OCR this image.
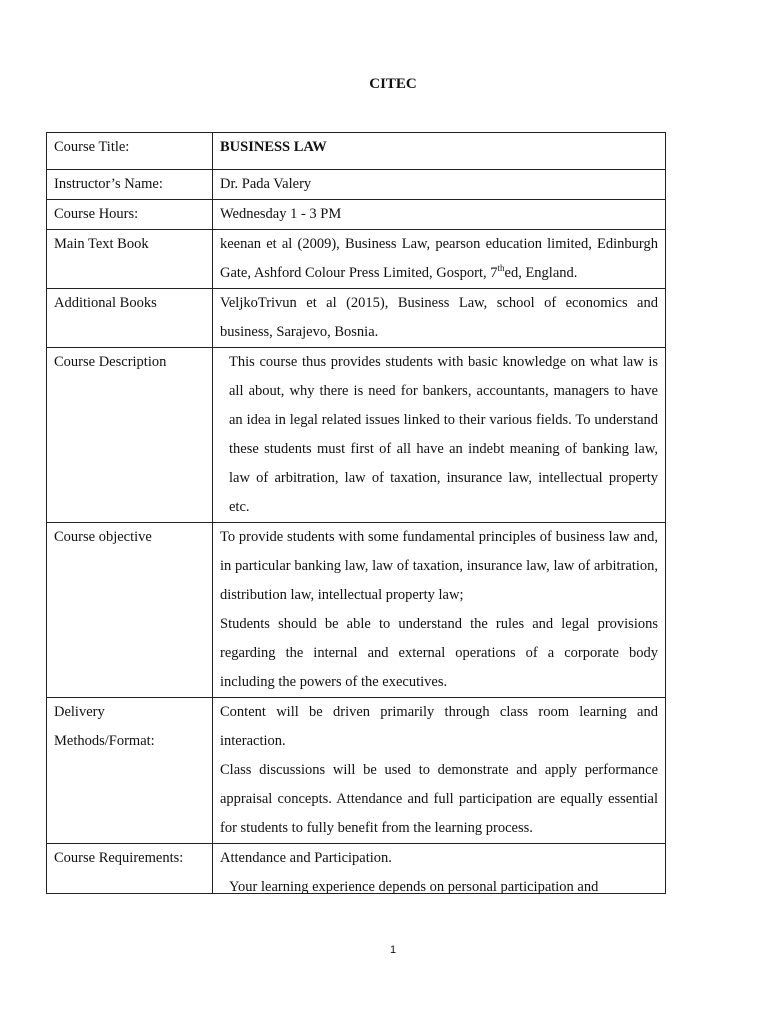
CITEC
Course Title:	BUSINESS LAW
Instructor’s Name:	Dr. Pada Valery
Course Hours:	Wednesday 1 - 3 PM
Main Text Book	keenan et al (2009), Business Law, pearson education limited, Edinburgh Gate, Ashford Colour Press Limited, Gosport, 7thed, England.
Additional Books	VeljkoTrivun et al (2015), Business Law, school of economics and business, Sarajevo, Bosnia.
Course Description	This course thus provides students with basic knowledge on what law is all about, why there is need for bankers, accountants, managers to have an idea in legal related issues linked to their various fields. To understand these students must first of all have an indebt meaning of banking law, law of arbitration, law of taxation, insurance law, intellectual property etc.

Course objective	To provide students with some fundamental principles of business law and, in particular banking law, law of taxation, insurance law, law of arbitration, distribution law, intellectual property law;
Students should be able to understand the rules and legal provisions regarding the internal and external operations of a corporate body including the powers of the executives.

Delivery
Methods/Format:	Content will be driven primarily through class room learning and interaction.
Class discussions will be used to demonstrate and apply performance appraisal concepts. Attendance and full participation are equally essential for students to fully benefit from the learning process.

Course Requirements:	Attendance and Participation.
Your learning experience depends on personal participation and
1
